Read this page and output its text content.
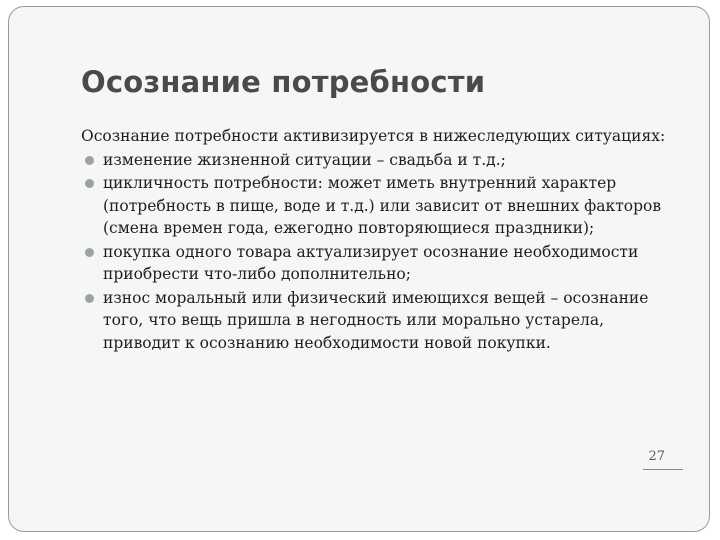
Осознание потребности

Осознание потребности активизируется в нижеследующих ситуациях:

изменение жизненной ситуации – свадьба и т.д.;
цикличность потребности: может иметь внутренний характер (потребность в пище, воде и т.д.) или зависит от внешних факторов (смена времен года, ежегодно повторяющиеся праздники);
покупка одного товара актуализирует осознание необходимости приобрести что-либо дополнительно;
износ моральный или физический имеющихся вещей – осознание того, что вещь пришла в негодность или морально устарела, приводит к осознанию необходимости новой покупки.
27
